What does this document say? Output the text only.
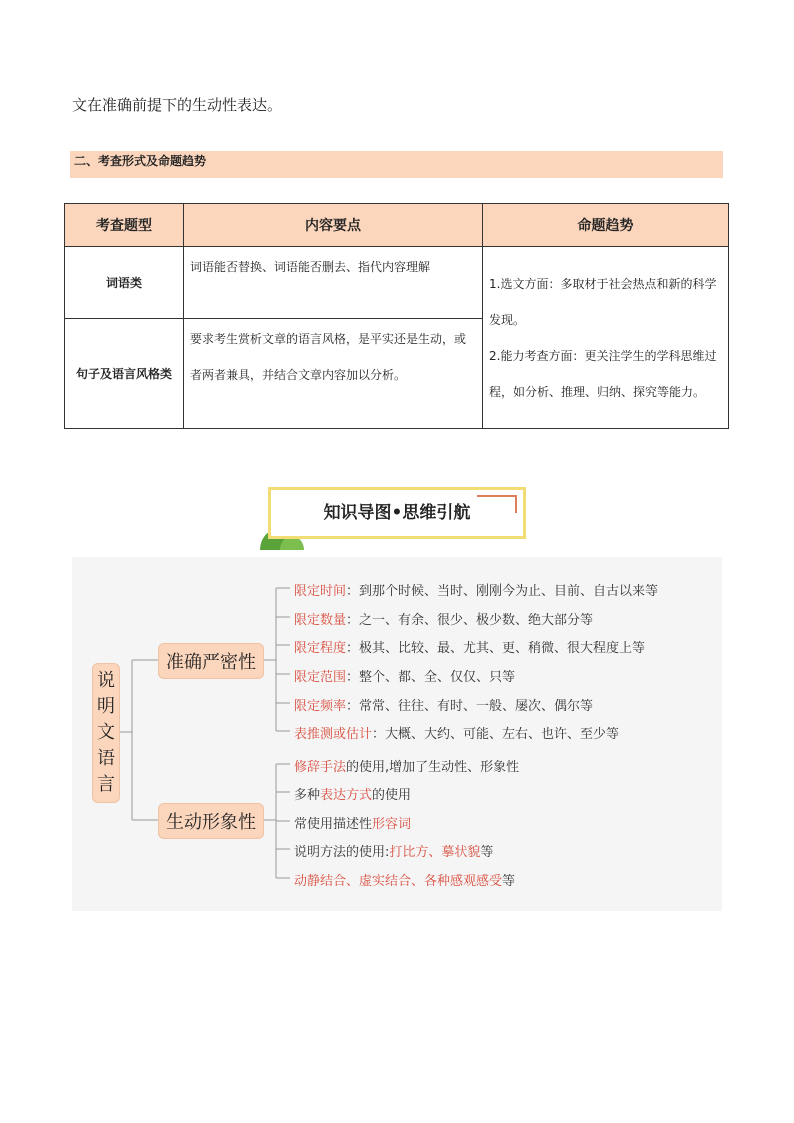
文在准确前提下的生动性表达。
二、考查形式及命题趋势
考查题型	内容要点	命题趋势
词语类	词语能否替换、词语能否删去、指代内容理解	1.选文方面：多取材于社会热点和新的科学发现。
2.能力考查方面：更关注学生的学科思维过程，如分析、推理、归纳、探究等能力。

句子及语言风格类	要求考生赏析文章的语言风格，是平实还是生动，或者两者兼具，并结合文章内容加以分析。	
知识导图•思维引航
说
明
文
语
言
准确严密性
生动形象性
限定时间：到那个时候、当时、刚刚今为止、目前、自古以来等
限定数量：之一、有余、很少、极少数、绝大部分等
限定程度：极其、比较、最、尤其、更、稍微、很大程度上等
限定范围：整个、都、全、仅仅、只等
限定频率：常常、往往、有时、一般、屡次、偶尔等
表推测或估计：大概、大约、可能、左右、也许、至少等
修辞手法的使用,增加了生动性、形象性
多种表达方式的使用
常使用描述性形容词
说明方法的使用:打比方、摹状貌等
动静结合、虚实结合、各种感观感受等
